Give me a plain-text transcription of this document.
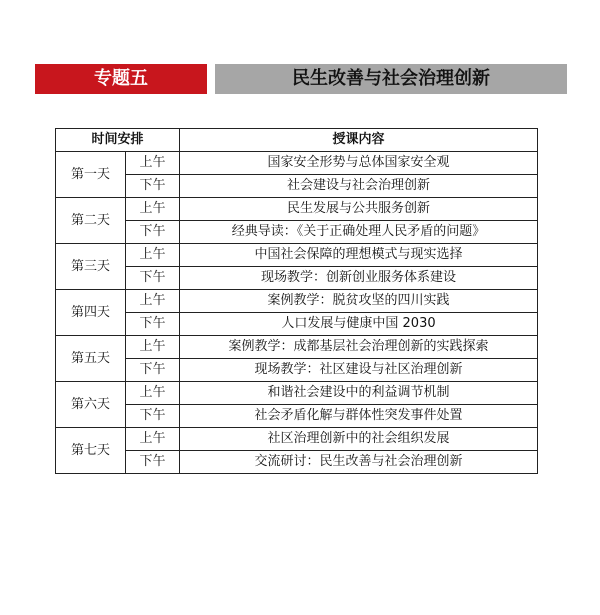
专题五	民生改善与社会治理创新
时间安排		授课内容
第一天	上午	国家安全形势与总体国家安全观
	下午	社会建设与社会治理创新
第二天	上午	民生发展与公共服务创新
	下午	经典导读：《关于正确处理人民矛盾的问题》
第三天	上午	中国社会保障的理想模式与现实选择
	下午	现场教学：创新创业服务体系建设
第四天	上午	案例教学：脱贫攻坚的四川实践
	下午	人口发展与健康中国 2030
第五天	上午	案例教学：成都基层社会治理创新的实践探索
	下午	现场教学：社区建设与社区治理创新
第六天	上午	和谐社会建设中的利益调节机制
	下午	社会矛盾化解与群体性突发事件处置
第七天	上午	社区治理创新中的社会组织发展
	下午	交流研讨：民生改善与社会治理创新
